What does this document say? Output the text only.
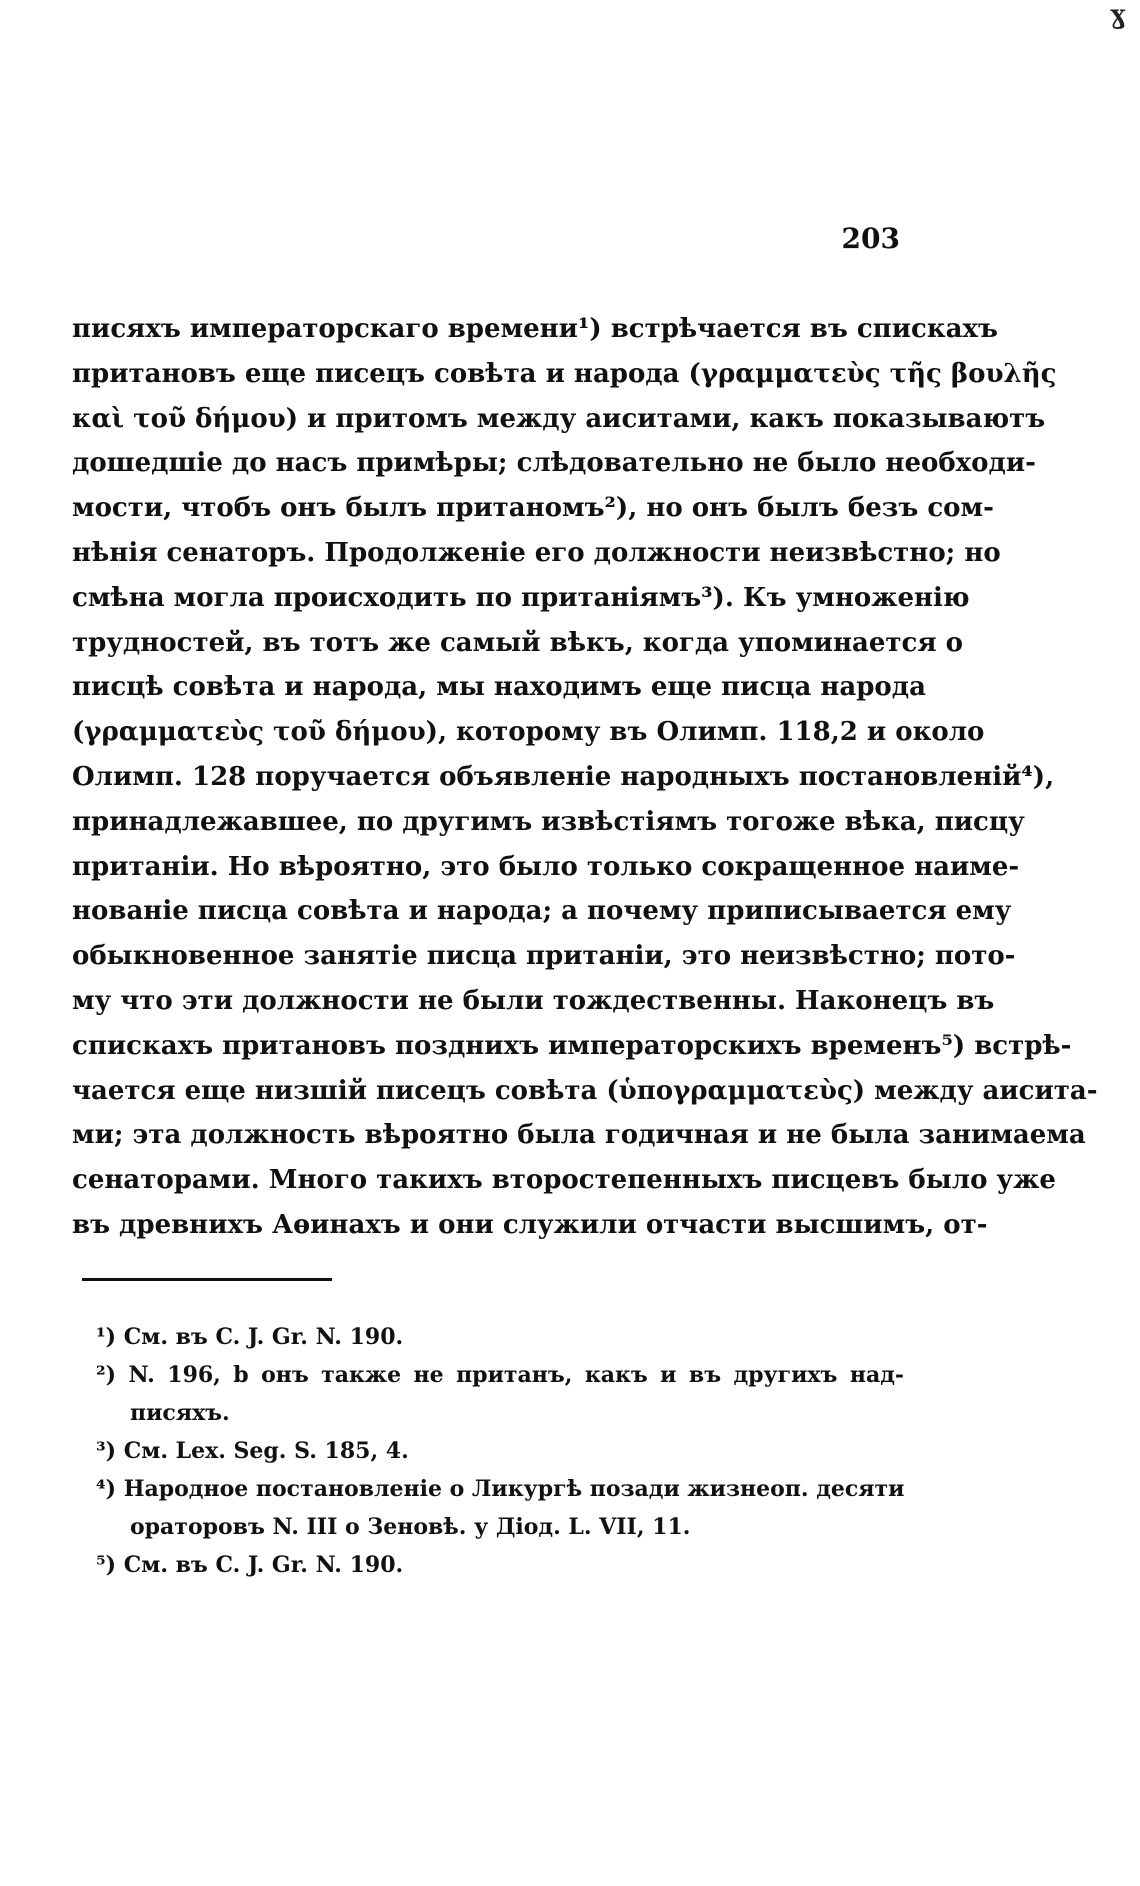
ɣ
203
писяхъ императорскаго времени¹) встрѣчается въ спискахъ
притановъ еще писецъ совѣта и народа (γραμματεὺς τῆς βουλῆς
καὶ τοῦ δήμου) и притомъ между аиситами, какъ показываютъ
дошедшіе до насъ примѣры; слѣдовательно не было необходи-
мости, чтобъ онъ былъ пританомъ²), но онъ былъ безъ сом-
нѣнія сенаторъ. Продолженіе его должности неизвѣстно; но
смѣна могла происходить по пританіямъ³). Къ умноженію
трудностей, въ тотъ же самый вѣкъ, когда упоминается о
писцѣ совѣта и народа, мы находимъ еще писца народа
(γραμματεὺς τοῦ δήμου), которому въ Олимп. 118,2 и около
Олимп. 128 поручается объявленіе народныхъ постановленій⁴),
принадлежавшее, по другимъ извѣстіямъ тогоже вѣка, писцу
пританіи. Но вѣроятно, это было только сокращенное наиме-
нованіе писца совѣта и народа; а почему приписывается ему
обыкновенное занятіе писца пританіи, это неизвѣстно; пото-
му что эти должности не были тождественны. Наконецъ въ
спискахъ притановъ позднихъ императорскихъ временъ⁵) встрѣ-
чается еще низшій писецъ совѣта (ὑπογραμματεὺς) между аиситa-
ми; эта должность вѣроятно была годичная и не была занимаема
сенаторами. Много такихъ второстепенныхъ писцевъ было уже
въ древнихъ Аѳинахъ и они служили отчасти высшимъ, от-
¹) См. въ C. J. Gr. N. 190.
²) N. 196, b онъ также не пританъ, какъ и въ другихъ над-
писяхъ.
³) См. Lex. Seg. S. 185, 4.
⁴) Народное постановленіе о Ликургѣ позади жизнеоп. десяти
ораторовъ N. III о Зеновѣ. у Діод. L. VII, 11.
⁵) См. въ C. J. Gr. N. 190.
